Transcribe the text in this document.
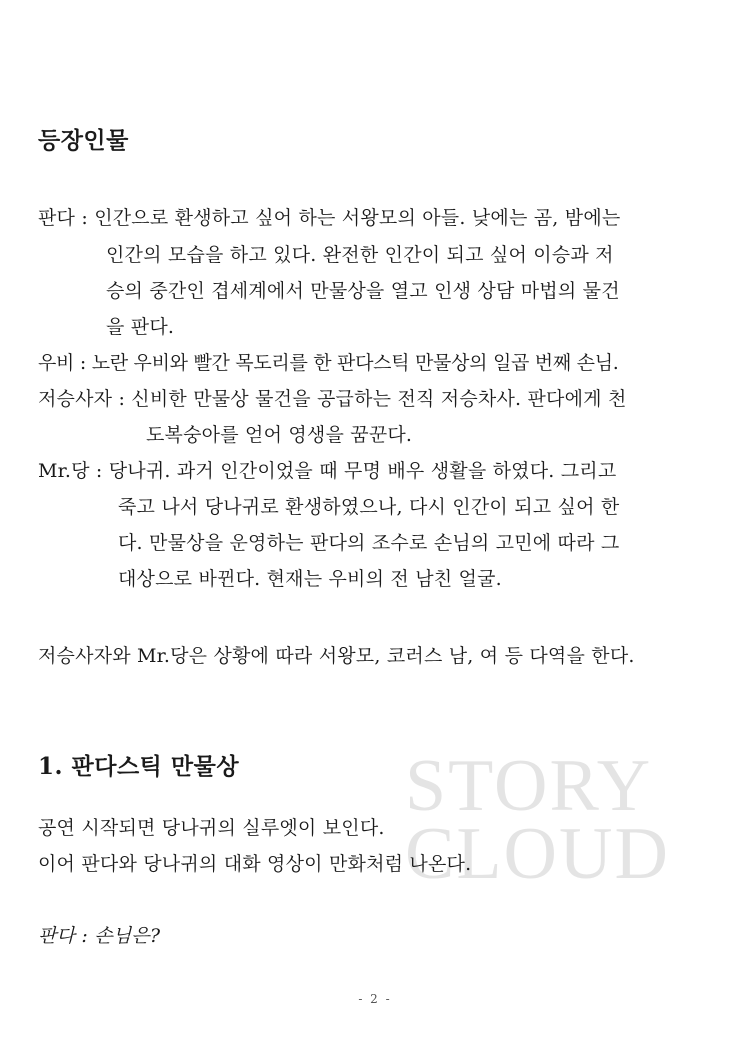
등장인물
판다 : 인간으로 환생하고 싶어 하는 서왕모의 아들. 낮에는 곰, 밤에는
인간의 모습을 하고 있다. 완전한 인간이 되고 싶어 이승과 저
승의 중간인 겹세계에서 만물상을 열고 인생 상담 마법의 물건
을 판다.
우비 : 노란 우비와 빨간 목도리를 한 판다스틱 만물상의 일곱 번째 손님.
저승사자 : 신비한 만물상 물건을 공급하는 전직 저승차사. 판다에게 천
도복숭아를 얻어 영생을 꿈꾼다.
Mr.당 : 당나귀. 과거 인간이었을 때 무명 배우 생활을 하였다. 그리고
죽고 나서 당나귀로 환생하였으나, 다시 인간이 되고 싶어 한
다. 만물상을 운영하는 판다의 조수로 손님의 고민에 따라 그
대상으로 바뀐다. 현재는 우비의 전 남친 얼굴.
저승사자와 Mr.당은 상황에 따라 서왕모, 코러스 남, 여 등 다역을 한다.
STORY
CLOUD
1. 판다스틱 만물상
공연 시작되면 당나귀의 실루엣이 보인다.
이어 판다와 당나귀의 대화 영상이 만화처럼 나온다.
판다 : 손님은?
- 2 -
